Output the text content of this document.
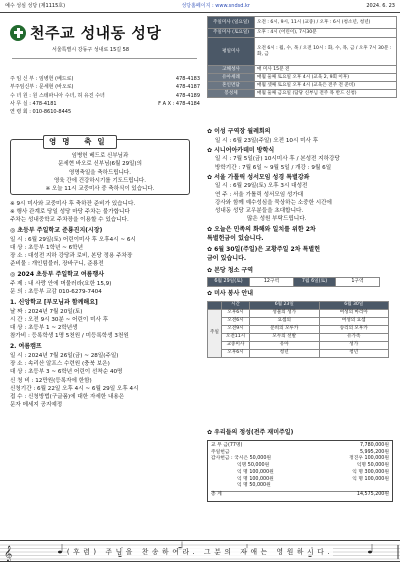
예수 성심 성당 (제1115호)	성당홈페이지 : www.sndsd.kr	2024. 6. 23
천주교 성내동 성당
서울특별시 강동구 성내로 15길 58
주 임 신 부 : 임병헌 (베드로)	478-4183
부주임신부 : 문세현 (바오로)	478-4187
수 녀 원 : 원 스테파니아 수녀, 허 유진 수녀	478-4189
사 무 실 : 478-4181	F A X : 478-4184
연 령 회 : 010-8610-8445
주일미사 (일요일)	오전 : 6시, 9시, 11시 (교중) / 오후 : 6시 (청소년, 청년)
주일미사 (토요일)	오후 : 4시 (어린이), 7시30분
평일미사	오전 6시 : 월, 수, 목 / 오전 10시 : 화, 수, 목, 금 / 오후 7시 30분 : 화, 금
고해성사	매 미사 15분 전
유아세례	매월 둘째 토요일 오후 4시 (교육 2, 9회 이후)
혼인면담	매월 셋째 토요일 오후 4시 (교육은 전주 전 준비)
봉성체	매월 둘째 금요일 (담당 신부님 전주 목 반드 신청)
영명 축일

임병헌 베드로 신부님과

문세현 바오로 신부님(6월 29일)의

영명축일을 축하드립니다.

영육 간에 건강하시기를 기도드립니다.

※ 오늘 11시 교중미사 중 축하식이 있습니다.

※ 9시 미사와 교중미사 후 축하잔 준비가 있습니다.

※ 행사 관계로 당일 성당 마당 주차는 불가합니다

주차는 성내중학교 주차장을 이용할 수 있습니다.

◎ 초등부 주일학교 준룡진지(시장)

일 시 : 6월 29일(토) 어린이미사 후 오후4시 ~ 6시

대 상 : 초등부 1학년 ~ 6학년

장 소 : 대성전 지하 강당과 로비, 본당 정용 주차장

준비물 : 개인텀블러, 장바구니, 준룡전

◎ 2024 초등부 주일학교 여름행사

주 제 : 내 사랑 안에 머물러라(요한 15,9)

문 의 : 초등부 교감 010-6279-7404

1. 신앙학교 [부모님과 함께해요]

날 짜 : 2024년 7월 20일(토)

시 간 : 오전 9시 30분 ~ 어린이 미사 후

대 상 : 초등부 1 ~ 2학년생

참가비 : 등록학생 1명 5천원 / 미등록학생 3천원

2. 여름캠프

일 시 : 2024년 7월 26일(금) ~ 28일(주일)

장 소 : 속리산 알프스 수련원 (충북 보은)

대 상 : 초등부 3 ~ 6학년 어린이 선착순 40명

신 청 비 : 12만원(등록자에 한함)

신청기간 : 6월 22일 오후 4시 ~ 6월 29일 오후 4시

접 수 : 신청방법(구글폼)에 대한 자세한 내용은

문자 메세지 공지예정

✿ 이성 구역장 월례회의

일 시 : 6월 23일(주일) 오전 10시 미사 후

✿ 시니어아카데미 방학식

일 시 : 7월 5일(금) 10시미사 후 / 본성전 지하강당

방학기간 : 7월 6일 ~ 9월 5일 / 개강 : 9월 6일

✿ 서울 가톨릭 성서모임 성경 특별강좌

일 시 : 6월 29일(토) 오후 3시 대성전

연 주 : 서울 가톨릭 성서모임 성가대

강사와 함께 예수성심을 묵상하는 소중한 시간에

성내동 성당 교우분들을 초대합니다.

많은 성원 부탁드립니다.

✿ 오늘은 민족의 화해와 일치를 위한 2차

특별헌금이 있습니다.

✿ 6월 30일(주일)은 교황주일 2차 특별헌

금이 있습니다.

✿ 본당 청소 구역

6월 29일(토)	12구역	7월 6일(토)	1구역

✿ 미사 봉사 안내

	시간	6월 23일	6월 30일
주일	오후6시	성물의 성가	여성의 마리아
	오전6시	요셉의	여성의 요셉
	오전9시	문희의 모루카	승리의 모후카
	오전11시	모두의 선발	유가족
	교중미사	유아	성가
	오후6시	청년	청년

✿ 우리들의 정성(전주 재미주일)

교 무 금(77명)	7,780,000원

주일헌금	5,995,200원

감사헌금 : 국시은 50,000원	정진우 100,000원

익명 50,000원	익명 50,000원

익 명 100,000원	익 명 300,000원

익 명 100,000원	익 명 100,000원

익 명 50,000원

총 계	14,575,200원

𝄞	(후렴) 주님을 찬송하여라. 그분의 자애는 영원하시다.
